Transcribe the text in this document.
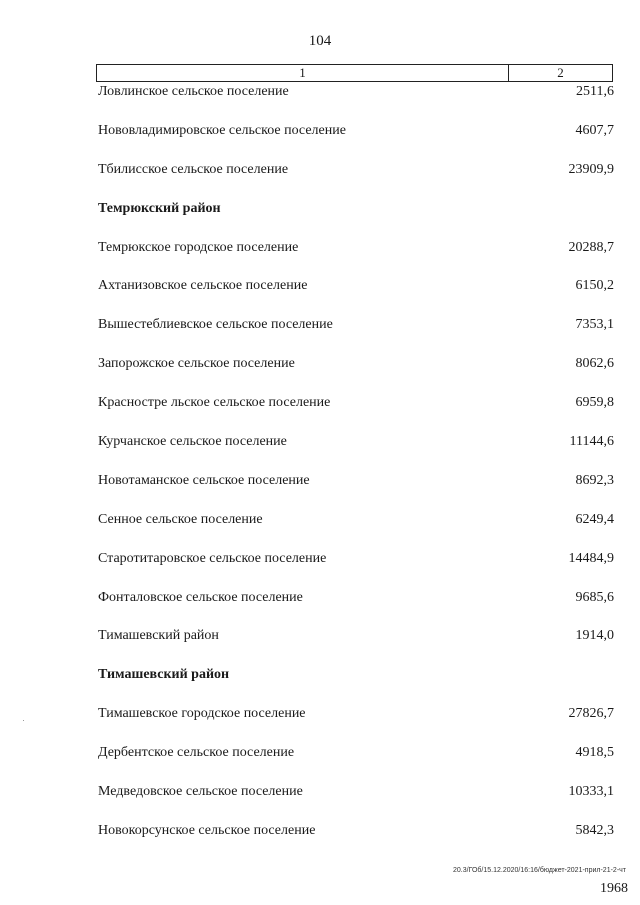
104
1	2
Ловлинское сельское поселение	2511,6
Нововладимировское сельское поселение	4607,7
Тбилисское сельское поселение	23909,9
Темрюкский район
Темрюкское городское поселение	20288,7
Ахтанизовское сельское поселение	6150,2
Вышестеблиевское сельское поселение	7353,1
Запорожское сельское поселение	8062,6
Красностре льское сельское поселение	6959,8
Курчанское сельское поселение	11144,6
Новотаманское сельское поселение	8692,3
Сенное сельское поселение	6249,4
Старотитаровское сельское поселение	14484,9
Фонталовское сельское поселение	9685,6
Тимашевский район	1914,0
Тимашевский район
Тимашевское городское поселение	27826,7
Дербентское сельское поселение	4918,5
Медведовское сельское поселение	10333,1
Новокорсунское сельское поселение	5842,3
20.3/ГОб/15.12.2020/16:16/бюджет-2021-прил-21-2-чт
1968
